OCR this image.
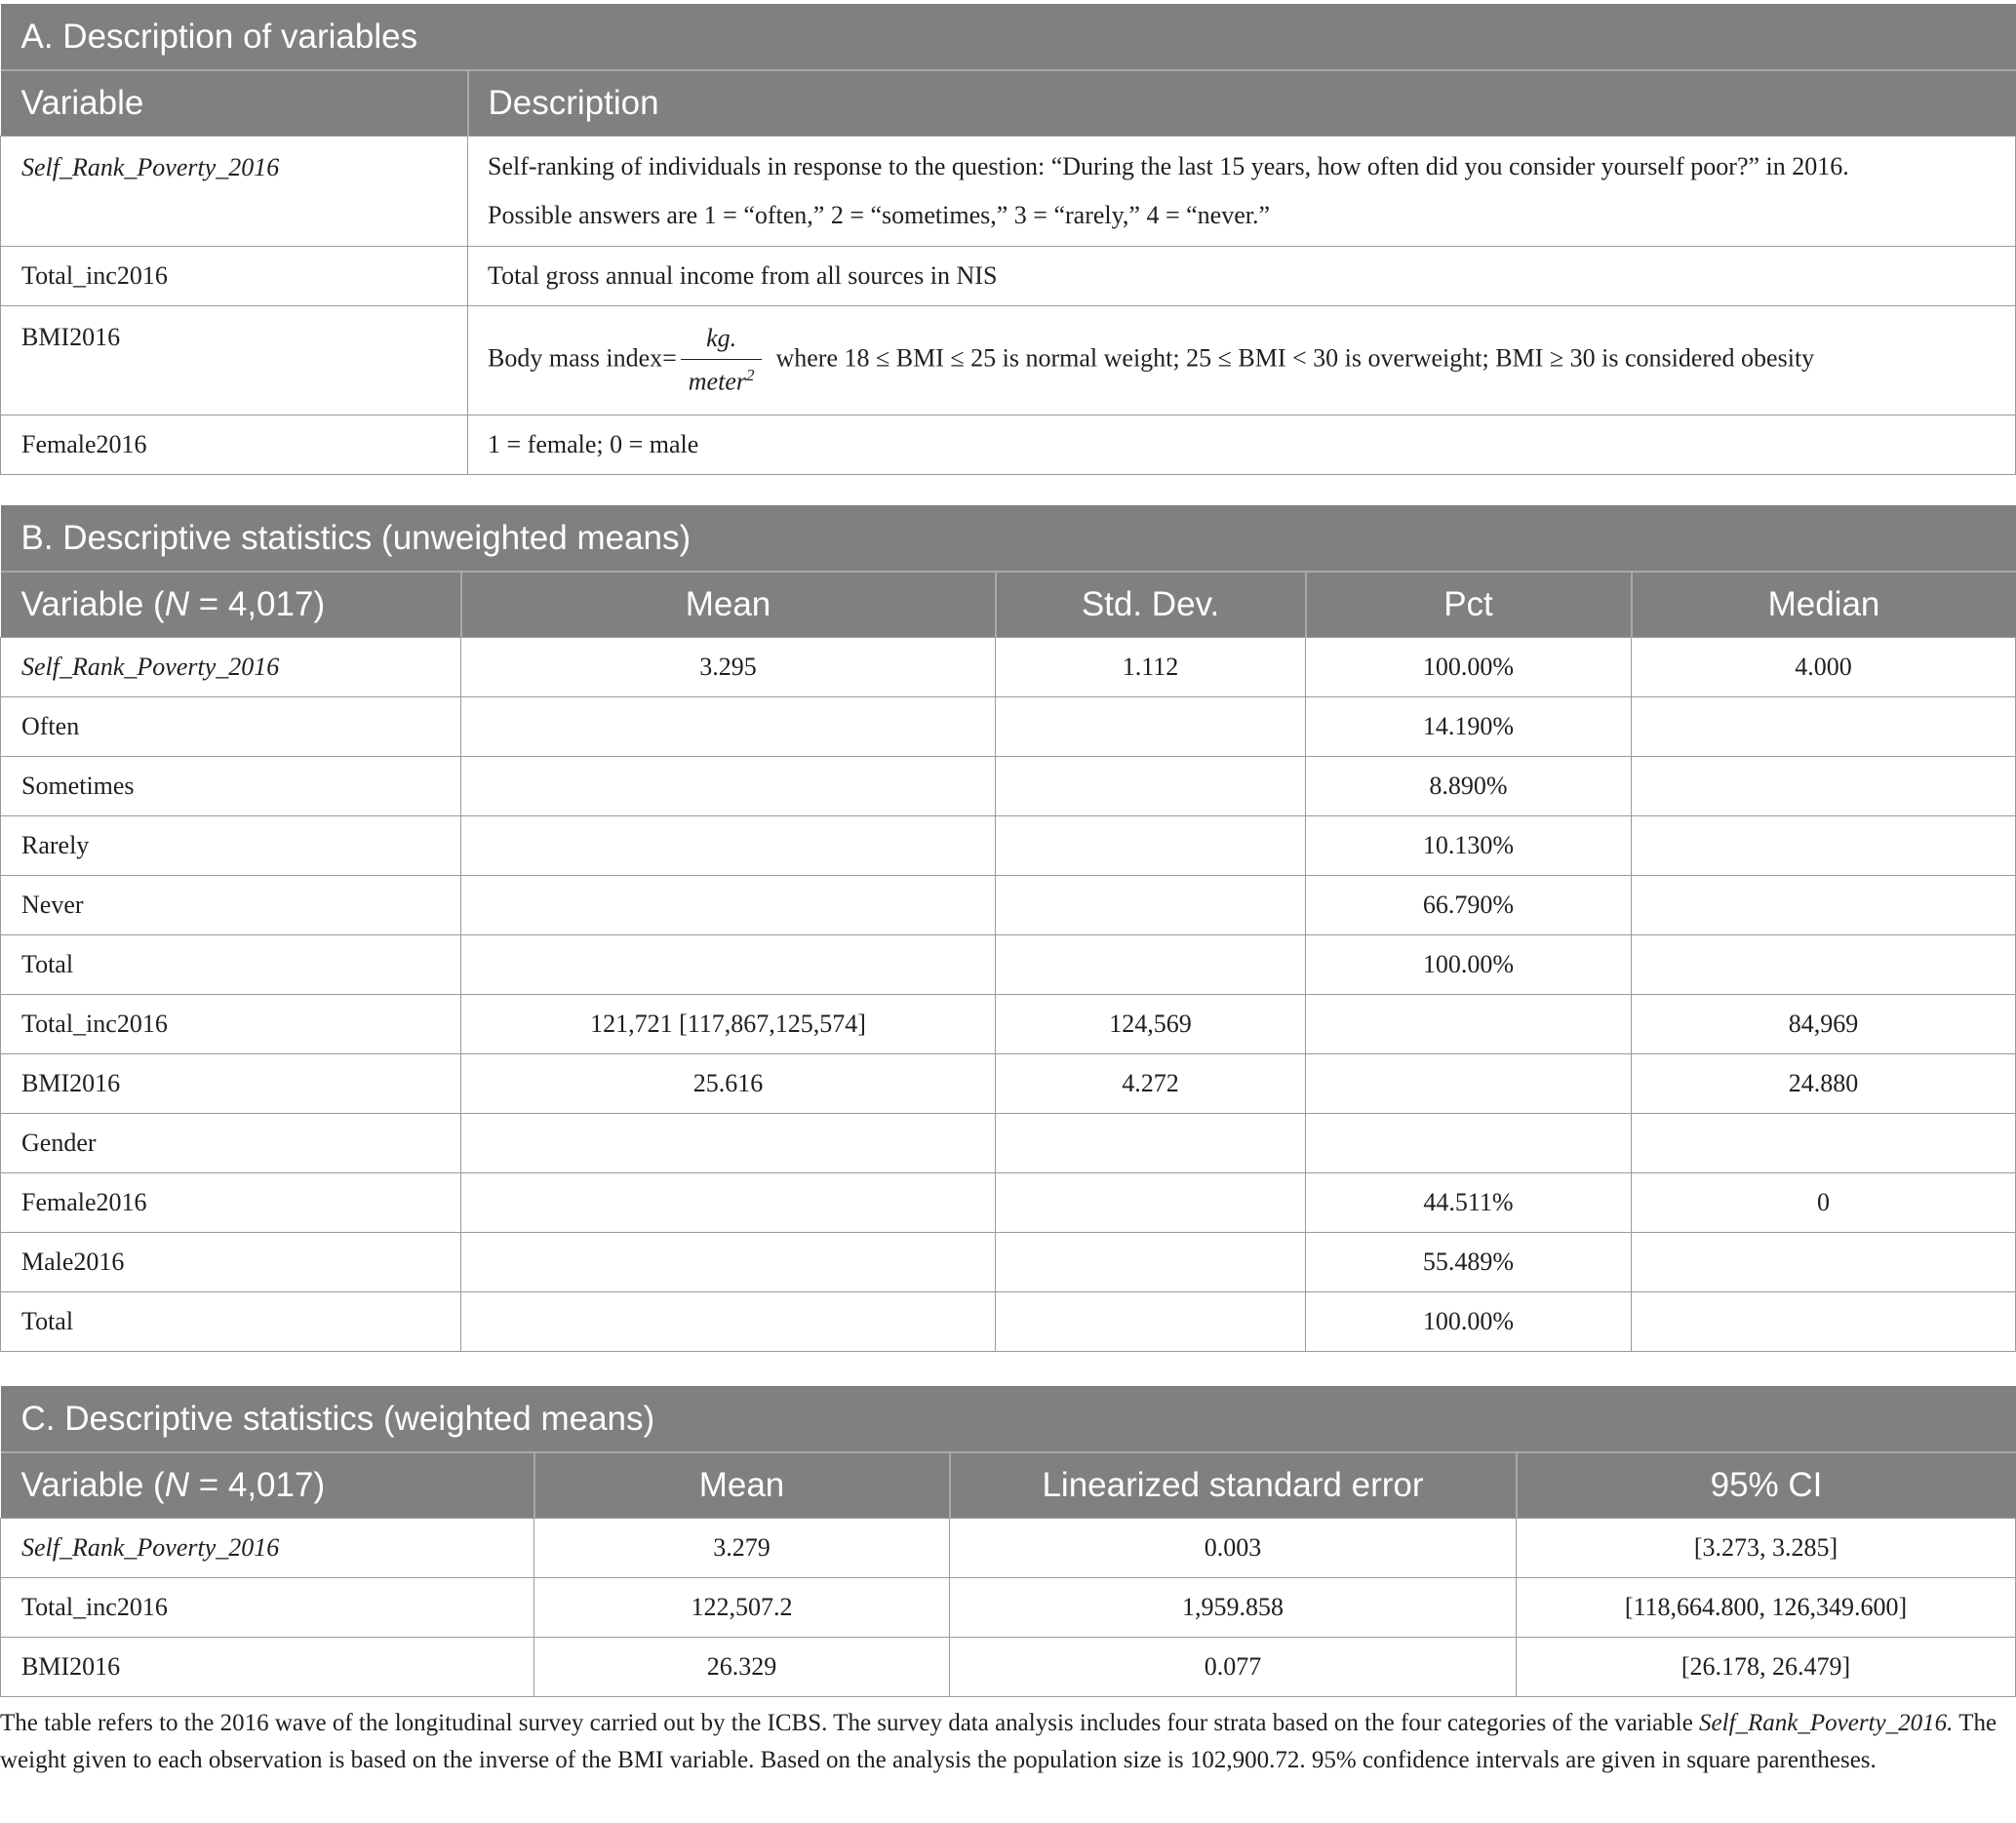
A. Description of variables	
Variable	Description
Self_Rank_Poverty_2016	Self-ranking of individuals in response to the question: “During the last 15 years, how often did you consider yourself poor?” in 2016.
Possible answers are 1 = “often,” 2 = “sometimes,” 3 = “rarely,” 4 = “never.”
Total_inc2016	Total gross annual income from all sources in NIS
BMI2016	Body mass index= $\frac{kg.}{meter^2}$ where 18 ≤ BMI ≤ 25 is normal weight; 25 ≤ BMI < 30 is overweight; BMI ≥ 30 is considered obesity
Female2016	1 = female; 0 = male
B. Descriptive statistics (unweighted means)				
Variable (N = 4,017)	Mean	Std. Dev.	Pct	Median
Self_Rank_Poverty_2016	3.295	1.112	100.00%	4.000
Often			14.190%	
Sometimes			8.890%	
Rarely			10.130%	
Never			66.790%	
Total			100.00%	
Total_inc2016	121,721 [117,867,125,574]	124,569		84,969
BMI2016	25.616	4.272		24.880
Gender				
Female2016			44.511%	0
Male2016			55.489%	
Total			100.00%	
C. Descriptive statistics (weighted means)			
Variable (N = 4,017)	Mean	Linearized standard error	95% CI
Self_Rank_Poverty_2016	3.279	0.003	[3.273, 3.285]
Total_inc2016	122,507.2	1,959.858	[118,664.800, 126,349.600]
BMI2016	26.329	0.077	[26.178, 26.479]
The table refers to the 2016 wave of the longitudinal survey carried out by the ICBS. The survey data analysis includes four strata based on the four categories of the variable Self_Rank_Poverty_2016. The weight given to each observation is based on the inverse of the BMI variable. Based on the analysis the population size is 102,900.72. 95% confidence intervals are given in square parentheses.
